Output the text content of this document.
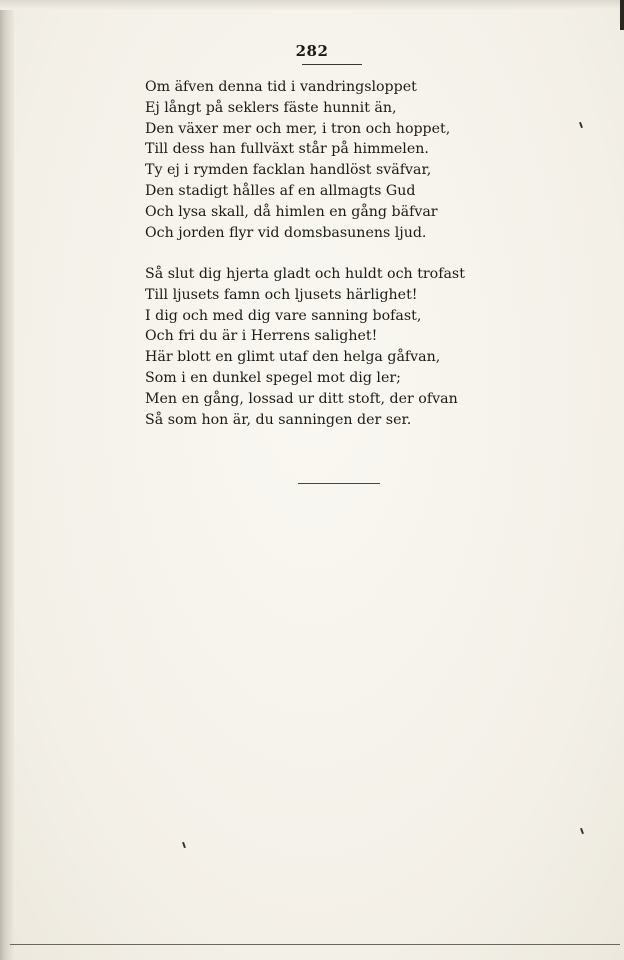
282
Om äfven denna tid i vandringsloppet
Ej långt på seklers fäste hunnit än,
Den växer mer och mer, i tron och hoppet,
Till dess han fullväxt står på himmelen.
Ty ej i rymden facklan handlöst sväfvar,
Den stadigt hålles af en allmagts Gud
Och lysa skall, då himlen en gång bäfvar
Och jorden flyr vid domsbasunens ljud.
Så slut dig hjerta gladt och huldt och trofast
Till ljusets famn och ljusets härlighet!
I dig och med dig vare sanning bofast,
Och fri du är i Herrens salighet!
Här blott en glimt utaf den helga gåfvan,
Som i en dunkel spegel mot dig ler;
Men en gång, lossad ur ditt stoft, der ofvan
Så som hon är, du sanningen der ser.
